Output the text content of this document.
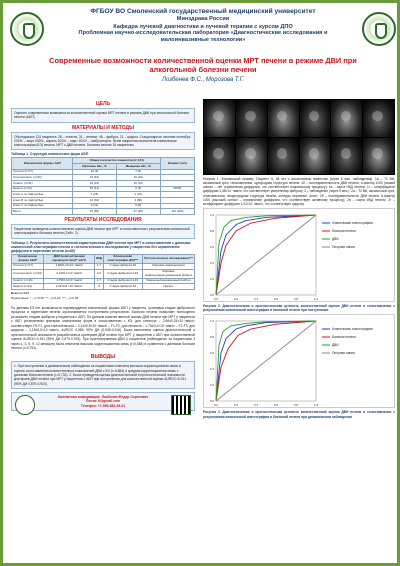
ФГБОУ ВО Смоленский государственный медицинский университет
Минздрава России
Кафедра лучевой диагностики и лучевой терапии с курсом ДПО
Проблемная научно-исследовательская лаборатория «Диагностические исследования и
малоинвазивные технологии»
Современные возможности количественной оценки МРТ печени в режиме ДВИ при
алкогольной болезни печени
Лозбенев Ф.С., Морозова Т.Г.
ЦЕЛЬ
Оценить современные возможности количественной оценки МРТ печени в режиме ДВИ при алкогольной болезни печени (АБП)
МАТЕРИАЛЫ И МЕТОДЫ
Обследовано 124 пациента: 26 – стеатоз, 31 – гепатит, 46 – фиброз, 21 – цирроз. Стационарное лечение сентябрь 2019г. – март 2020г., апрель 2020г. – март 2022г. – амбулаторно. Всем пациентам выполнена клиническая эластография (КЭ) печени, МРТ с ДВИ печени. Биопсия печени 18 пациентам
Таблица 1. Структура клинических форм АБП
Клинические формы АБП	Общее количество пациентов (n=124)		Возраст (лет)
	Мужчины абс., %	Женщины абс., %	
Стеатоз (n=17)	16 (9)	7 (6)	
Стеатогепатит (n=31)	12 (10)	19 (15)	
Гепатит (n=31)	16 (13)	15 (12)	
Цирроз (n=21)	16 (14)	5 (4)	M±SD
класс А по Чайлд-Пью	4 (15)	1 (10)	
класс В по Чайлд-Пью	10 (63)	4 (80)	
класс С по Чайлд-Пью	2 (12)	0 (0)	
Всего	67 (55)	47 (45)	114 (100)
РЕЗУЛЬТАТЫ ИССЛЕДОВАНИЯ
Пациентам проведена количественная оценка ДВИ печени при МРТ в сопоставлении с результатами клинической эластографии и биопсии печени (Табл. 2).
Таблица 2. Результаты количественной характеристики ДВИ печени при МРТ в сопоставлении с данными клинической эластографии печени и гистологического исследования у пациентов без ограничения диффузии в паренхиме печени (n=85)
Клинические формы АБП*	ДВИ (количественная характеристика)** мм²/с	ИКД	Клиническая эластография (КЭ)***	Гистологическое исследование***
Стеатоз (n=17)	1,66±0,21×10⁻³мм²/с	1,7	Стадия фиброза F0	Жировая инфильтрация
Стеатогепатит (n=23)	2,14±0,1×10⁻³мм²/с	2,2	Стадия фиброза F1-F2	Жировая инфильтрация+умеренный фиброз
Гепатит (n=16)	1,75±0,4×10⁻³мм²/с	1,7	Стадия фиброза F1-F3	Умеренный-выраженный фиброз
Цирроз (n=12)	1,01±0,8 ×10⁻³мм²/с	<1	Стадия фиброза F4	Цирроз
Всего n=114
Примечание: * – p<0,05; ** – p<0,01; *** – p<0,05
По данным КЭ нет возможности подтверждения клинической формы АБП у пациента, установка стадии фиброзного процесса в паренхиме печени ограничивается построением результатов. Биопсия печени позволяет полноценно установить стадию фиброза у пациентов с АБП. По данным количественной оценки ДВИ печени при МРТ у пациентов с АБП установлены критерии клинических форм в сопоставлении с КЭ: для стеатоза – 2,66±0,34×10⁻³мм²/с; соответствует F0-F1, для стеатогепатита – 2,14±0,5×10⁻³мм²/с – F1-F2, для гепатита – 1,75±0,4×10⁻³мм²/с – F2-F3, для цирроза – 1,15±0,5×10⁻³мм²/с. AUROC 0,989; 95% ДИ (0,935-0,916). Была выполнена оценка диагностической и прогностической значимости разработанных критериев ДВИ печени при МРТ у пациентов с АБП при количественной оценке AUROC=0,911 (95% ДИ 0,879-0,923). При прогнозировании ДВИ у пациентов (наблюдение за пациентами 3 через 1, 3, 6, 9, 12 месяцев) была отмечена высокая корреляционная связь (r=0,884) в сравнении с данными биопсии печени (r=0,751).
ВЫВОДЫ
1. При поступлении и динамическом наблюдении за пациентами отмечена высокая корреляционная связь в оценке сопоставления количественных показателей ДВИ с КЭ (r=0,884) и средняя корреляционная связь с данными биопсии печени (r=0,731). 2. Была проведена оценка диагностической и прогностической значимости критериев ДВИ печени при МРТ у пациентов с АБП при поступлении для количественной оценки AUROC=0,911 (95% ДИ 0,879-0,923).
Контактная информация: Лозбенев Федор Сергеевич
Почта: fl@gmail.com
Телефон: +7-960-582-25-01
Рисунок 1. Клинический пример. Пациент Н, 48 лет с алкогольным гепатитом (через 6 мес. наблюдения). 1а – Т1 ВИ, аксиальный срез, гепатомегалия, однородная структура печени; 1б – последовательность ДВИ печени, b-фактор 1000 (низкий сигнал – нет ограничения диффузии, что соответствует нормальному процессу); 1в – карта ИКД печени; 1г – коэффициент диффузии 1,48×10⁻³мм²/с, что соответствует умеренному фиброзу; 2 – наблюдение (через 9 мес.): 2а – Т2 ВИ, аксиальный срез, гепатомегалия, неоднородная структура печени, контуры неровные, ассит; 2б – последовательность ДВИ печени, b-фактор 1000 (высокий сигнал – ограничение диффузии, что соответствует активному процессу); 2в – карта ИКД печени; 2г – коэффициент диффузии 1,01×10⁻³мм²/с, что соответствует циррозу
0.0
0.0
0.2
0.2
0.4
0.4
0.6
0.6
0.8
0.8
1.0
1.0
Клиническая эластография
Биопсия печени
ДВИ
Опорная линия
Рисунок 2. Диагностическая и прогностическая ценность количественной оценки ДВИ печени в сопоставлении с результатами клинической эластографии и биопсией печени при поступлении
0.0
0.0
0.2
0.2
0.4
0.4
0.6
0.6
0.8
0.8
1.0
1.0
Клиническая эластография
Биопсия печени
ДВИ
Опорная линия
Рисунок 3. Диагностическая и прогностическая ценность количественной оценки ДВИ печени в сопоставлении с результатами клинической эластографии и биопсией печени при динамическом наблюдении
